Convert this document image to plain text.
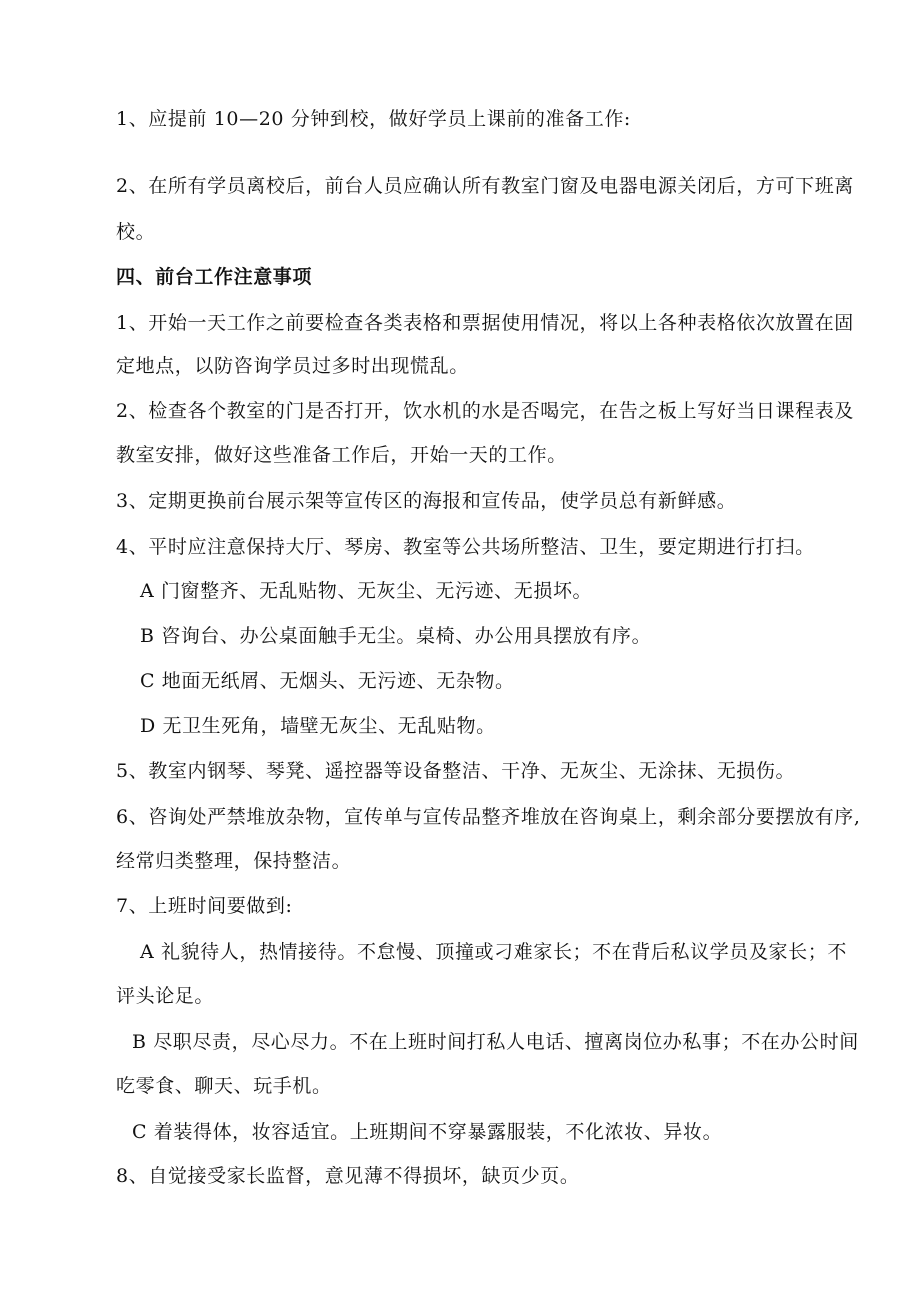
1、应提前 10—20 分钟到校，做好学员上课前的准备工作:
2、在所有学员离校后，前台人员应确认所有教室门窗及电器电源关闭后，方可下班离
校。
四、前台工作注意事项
1、开始一天工作之前要检查各类表格和票据使用情况，将以上各种表格依次放置在固
定地点，以防咨询学员过多时出现慌乱。
2、检查各个教室的门是否打开，饮水机的水是否喝完，在告之板上写好当日课程表及
教室安排，做好这些准备工作后，开始一天的工作。
3、定期更换前台展示架等宣传区的海报和宣传品，使学员总有新鲜感。
4、平时应注意保持大厅、琴房、教室等公共场所整洁、卫生，要定期进行打扫。
A 门窗整齐、无乱贴物、无灰尘、无污迹、无损坏。
B 咨询台、办公桌面触手无尘。桌椅、办公用具摆放有序。
C 地面无纸屑、无烟头、无污迹、无杂物。
D 无卫生死角，墙壁无灰尘、无乱贴物。
5、教室内钢琴、琴凳、遥控器等设备整洁、干净、无灰尘、无涂抹、无损伤。
6、咨询处严禁堆放杂物，宣传单与宣传品整齐堆放在咨询桌上，剩余部分要摆放有序,
经常归类整理，保持整洁。
7、上班时间要做到:
A 礼貌待人，热情接待。不怠慢、顶撞或刁难家长；不在背后私议学员及家长；不
评头论足。
B 尽职尽责，尽心尽力。不在上班时间打私人电话、擅离岗位办私事；不在办公时间
吃零食、聊天、玩手机。
C 着装得体，妆容适宜。上班期间不穿暴露服装，不化浓妆、异妆。
8、自觉接受家长监督，意见薄不得损坏，缺页少页。
